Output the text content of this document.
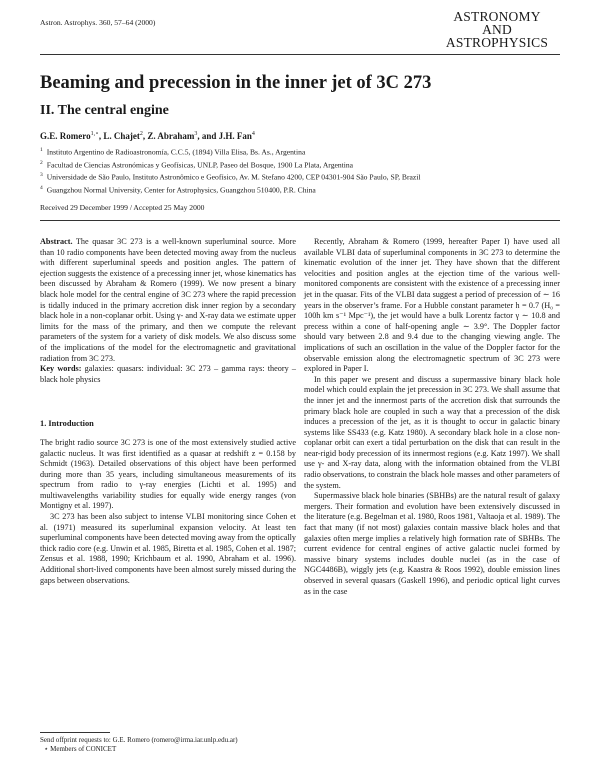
Astron. Astrophys. 360, 57–64 (2000)	ASTRONOMY
AND
ASTROPHYSICS
Beaming and precession in the inner jet of 3C 273
II. The central engine
G.E. Romero$^{1,⋆}$, L. Chajet$^2$, Z. Abraham$^3$, and J.H. Fan$^4$
$^1$ Instituto Argentino de Radioastronomía, C.C.5, (1894) Villa Elisa, Bs. As., Argentina
$^2$ Facultad de Ciencias Astronómicas y Geofísicas, UNLP, Paseo del Bosque, 1900 La Plata, Argentina
$^3$ Universidade de São Paulo, Instituto Astronômico e Geofísico, Av. M. Stefano 4200, CEP 04301-904 São Paulo, SP, Brazil
$^4$ Guangzhou Normal University, Center for Astrophysics, Guangzhou 510400, P.R. China
Received 29 December 1999 / Accepted 25 May 2000

Abstract. The quasar 3C 273 is a well-known superluminal source. More than 10 radio components have been detected moving away from the nucleus with different superluminal speeds and position angles. The pattern of ejection suggests the existence of a precessing inner jet, whose kinematics has been discussed by Abraham & Romero (1999). We now present a binary black hole model for the central engine of 3C 273 where the rapid precession is tidally induced in the primary accretion disk inner region by a secondary black hole in a non-coplanar orbit. Using γ- and X-ray data we estimate upper limits for the mass of the primary, and then we compute the relevant parameters of the system for a variety of disk models. We also discuss some of the implications of the model for the electromagnetic and gravitational radiation from 3C 273.

Key words: galaxies: quasars: individual: 3C 273 – gamma rays: theory – black hole physics

1. Introduction

The bright radio source 3C 273 is one of the most extensively studied active galactic nucleus. It was first identified as a quasar at redshift z = 0.158 by Schmidt (1963). Detailed observations of this object have been performed during more than 35 years, including simultaneous measurements of its spectrum from radio to γ-ray energies (Lichti et al. 1995) and multiwavelengths variability studies for equally wide energy ranges (von Montigny et al. 1997).

3C 273 has been also subject to intense VLBI monitoring since Cohen et al. (1971) measured its superluminal expansion velocity. At least ten superluminal components have been detected moving away from the optically thick radio core (e.g. Unwin et al. 1985, Biretta et al. 1985, Cohen et al. 1987; Zensus et al. 1988, 1990; Krichbaum et al. 1990, Abraham et al. 1996). Additional short-lived components have been almost surely missed during the gaps between observations.

Recently, Abraham & Romero (1999, hereafter Paper I) have used all available VLBI data of superluminal components in 3C 273 to determine the kinematic evolution of the inner jet. They have shown that the different velocities and position angles at the ejection time of the various well-monitored components are consistent with the existence of a precessing inner jet in the quasar. Fits of the VLBI data suggest a period of precession of ∼ 16 years in the observer’s frame. For a Hubble constant parameter h = 0.7 (H₀ = 100h km s⁻¹ Mpc⁻¹), the jet would have a bulk Lorentz factor γ ∼ 10.8 and precess within a cone of half-opening angle ∼ 3.9°. The Doppler factor should vary between 2.8 and 9.4 due to the changing viewing angle. The implications of such an oscillation in the value of the Doppler factor for the observable emission along the electromagnetic spectrum of 3C 273 were explored in Paper I.

In this paper we present and discuss a supermassive binary black hole model which could explain the jet precession in 3C 273. We shall assume that the inner jet and the innermost parts of the accretion disk that surrounds the primary black hole are coupled in such a way that a precession of the disk induces a precession of the jet, as it is thought to occur in galactic binary systems like SS433 (e.g. Katz 1980). A secondary black hole in a close non-coplanar orbit can exert a tidal perturbation on the disk that can result in the near-rigid body precession of its innermost regions (e.g. Katz 1997). We shall use γ- and X-ray data, along with the information obtained from the VLBI radio observations, to constrain the black hole masses and other parameters of the system.

Supermassive black hole binaries (SBHBs) are the natural result of galaxy mergers. Their formation and evolution have been extensively discussed in the literature (e.g. Begelman et al. 1980, Roos 1981, Valtaoja et al. 1989). The fact that many (if not most) galaxies contain massive black holes and that galaxies often merge implies a relatively high formation rate of SBHBs. The current evidence for central engines of active galactic nuclei formed by massive binary systems includes double nuclei (as in the case of NGC4486B), wiggly jets (e.g. Kaastra & Roos 1992), double emission lines observed in several quasars (Gaskell 1996), and periodic optical light curves as in the case

Send offprint requests to: G.E. Romero (romero@irma.iar.unlp.edu.ar)
⋆ Members of CONICET
